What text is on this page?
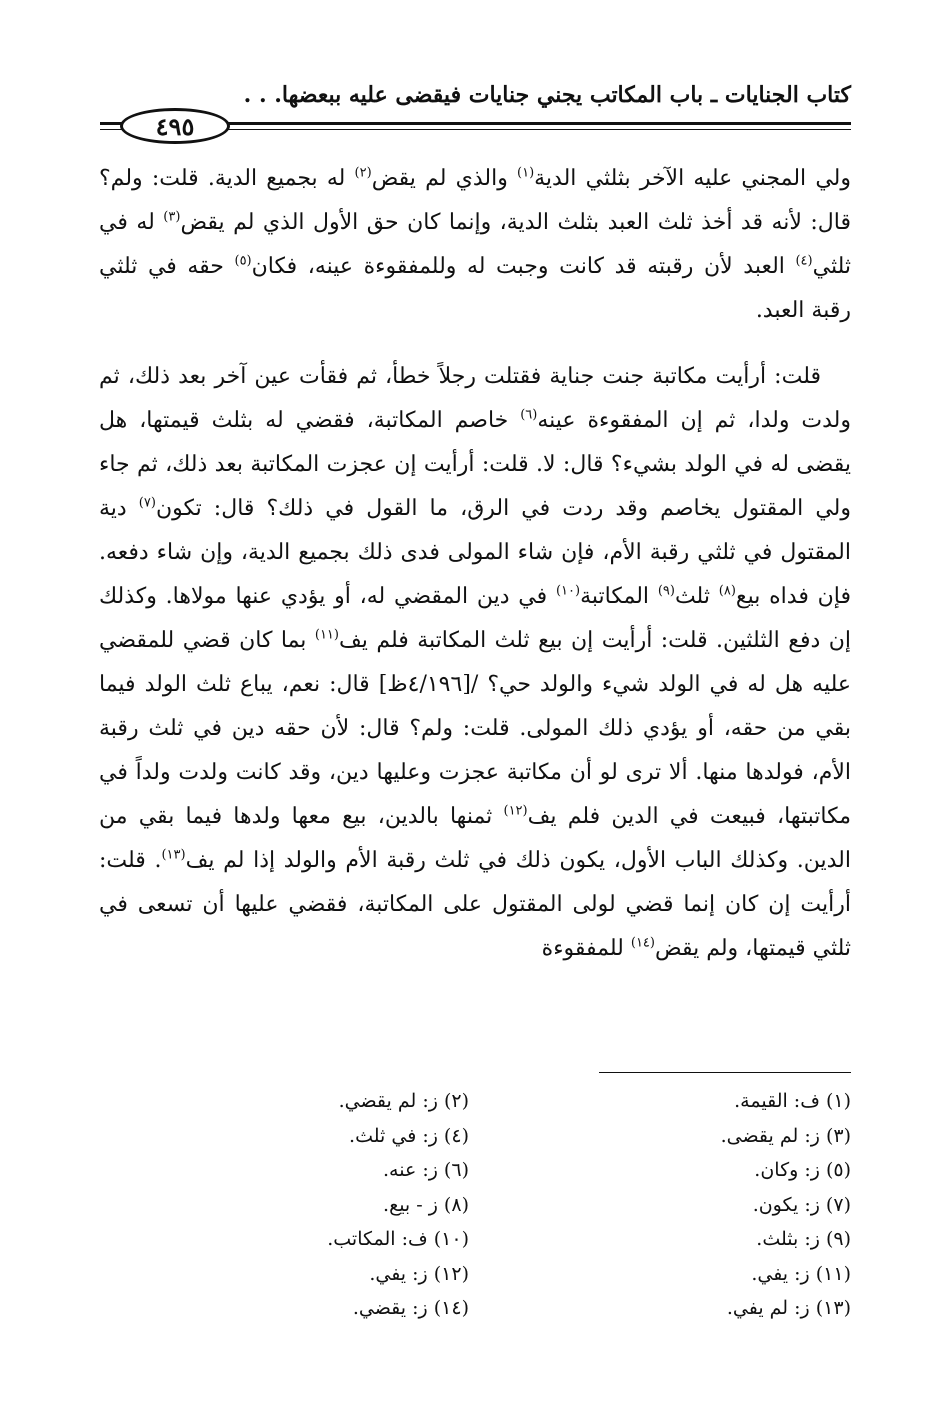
كتاب الجنايات ـ باب المكاتب يجني جنايات فيقضى عليه ببعضها. . .
٤٩٥

ولي المجني عليه الآخر بثلثي الدية$^{(١)}$ والذي لم يقض$^{(٢)}$ له بجميع الدية. قلت: ولم؟ قال: لأنه قد أخذ ثلث العبد بثلث الدية، وإنما كان حق الأول الذي لم يقض$^{(٣)}$ له في ثلثي$^{(٤)}$ العبد لأن رقبته قد كانت وجبت له وللمفقوءة عينه، فكان$^{(٥)}$ حقه في ثلثي رقبة العبد.

قلت: أرأيت مكاتبة جنت جناية فقتلت رجلاً خطأ، ثم فقأت عين آخر بعد ذلك، ثم ولدت ولدا، ثم إن المفقوءة عينه$^{(٦)}$ خاصم المكاتبة، فقضي له بثلث قيمتها، هل يقضى له في الولد بشيء؟ قال: لا. قلت: أرأيت إن عجزت المكاتبة بعد ذلك، ثم جاء ولي المقتول يخاصم وقد ردت في الرق، ما القول في ذلك؟ قال: تكون$^{(٧)}$ دية المقتول في ثلثي رقبة الأم، فإن شاء المولى فدى ذلك بجميع الدية، وإن شاء دفعه. فإن فداه بيع$^{(٨)}$ ثلث$^{(٩)}$ المكاتبة$^{(١٠)}$ في دين المقضي له، أو يؤدي عنها مولاها. وكذلك إن دفع الثلثين. قلت: أرأيت إن بيع ثلث المكاتبة فلم يف$^{(١١)}$ بما كان قضي للمقضي عليه هل له في الولد شيء والولد حي؟ /[٤/١٩٦ظ] قال: نعم، يباع ثلث الولد فيما بقي من حقه، أو يؤدي ذلك المولى. قلت: ولم؟ قال: لأن حقه دين في ثلث رقبة الأم، فولدها منها. ألا ترى لو أن مكاتبة عجزت وعليها دين، وقد كانت ولدت ولداً في مكاتبتها، فبيعت في الدين فلم يف$^{(١٢)}$ ثمنها بالدين، بيع معها ولدها فيما بقي من الدين. وكذلك الباب الأول، يكون ذلك في ثلث رقبة الأم والولد إذا لم يف$^{(١٣)}$. قلت: أرأيت إن كان إنما قضي لولى المقتول على المكاتبة، فقضي عليها أن تسعى في ثلثي قيمتها، ولم يقض$^{(١٤)}$ للمفقوءة

(١) ف: القيمة.
(٢) ز: لم يقضي.
(٣) ز: لم يقضى.
(٤) ز: في ثلث.
(٥) ز: وكان.
(٦) ز: عنه.
(٧) ز: يكون.
(٨) ز - بيع.
(٩) ز: بثلث.
(١٠) ف: المكاتب.
(١١) ز: يفي.
(١٢) ز: يفي.
(١٣) ز: لم يفي.
(١٤) ز: يقضي.
